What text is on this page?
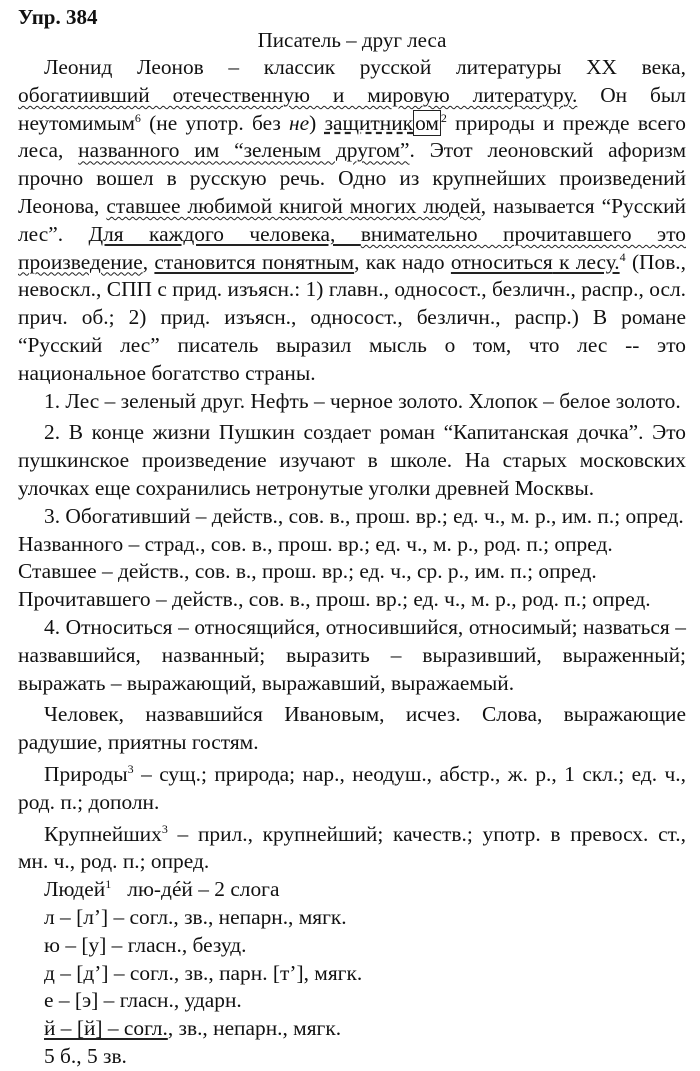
Упр. 384

Писатель – друг леса

Леонид Леонов – классик русской литературы XX века, обогатиивший отечественную и мировую литературу. Он был неутомимым$^6$ (не употр. без не) защитником $^2$ природы и прежде всего леса, названного им “зеленым другом”. Этот леоновский афоризм прочно вошел в русскую речь. Одно из крупнейших произведений Леонова, ставшее любимой книгой многих людей, называется “Русский лес”. Для каждого человека, внимательно прочитавшего это произведение, становится понятным, как надо относиться к лесу.$^4$ (Пов., невоскл., СПП с прид. изъясн.: 1) главн., односост., безличн., распр., осл. прич. об.; 2) прид. изъясн., односост., безличн., распр.) В романе “Русский лес” писатель выразил мысль о том, что лес -- это национальное богатство страны.

1. Лес – зеленый друг. Нефть – черное золото. Хлопок – белое золото.

2. В конце жизни Пушкин создает роман “Капитанская дочка”. Это пушкинское произведение изучают в школе. На старых московских улочках еще сохранились нетронутые уголки древней Москвы.

3. Обогативший – действ., сов. в., прош. вр.; ед. ч., м. р., им. п.; опред.

Названного – страд., сов. в., прош. вр.; ед. ч., м. р., род. п.; опред.

Ставшее – действ., сов. в., прош. вр.; ед. ч., ср. р., им. п.; опред.

Прочитавшего – действ., сов. в., прош. вр.; ед. ч., м. р., род. п.; опред.

4. Относиться – относящийся, относившийся, относимый; назваться – назвавшийся, названный; выразить – выразивший, выраженный; выражать – выражающий, выражавший, выражаемый.

Человек, назвавшийся Ивановым, исчез. Слова, выражающие радушие, приятны гостям.

Природы$^3$ – сущ.; природа; нар., неодуш., абстр., ж. р., 1 скл.; ед. ч., род. п.; дополн.

Крупнейших$^3$ – прил., крупнейший; качеств.; употр. в превосх. ст., мн. ч., род. п.; опред.

Людей$^1$ лю-дéй – 2 слога

л – [л’] – согл., зв., непарн., мягк.

ю – [у] – гласн., безуд.

д – [д’] – согл., зв., парн. [т’], мягк.

е – [э] – гласн., ударн.

й – [й] – согл., зв., непарн., мягк.

5 б., 5 зв.
